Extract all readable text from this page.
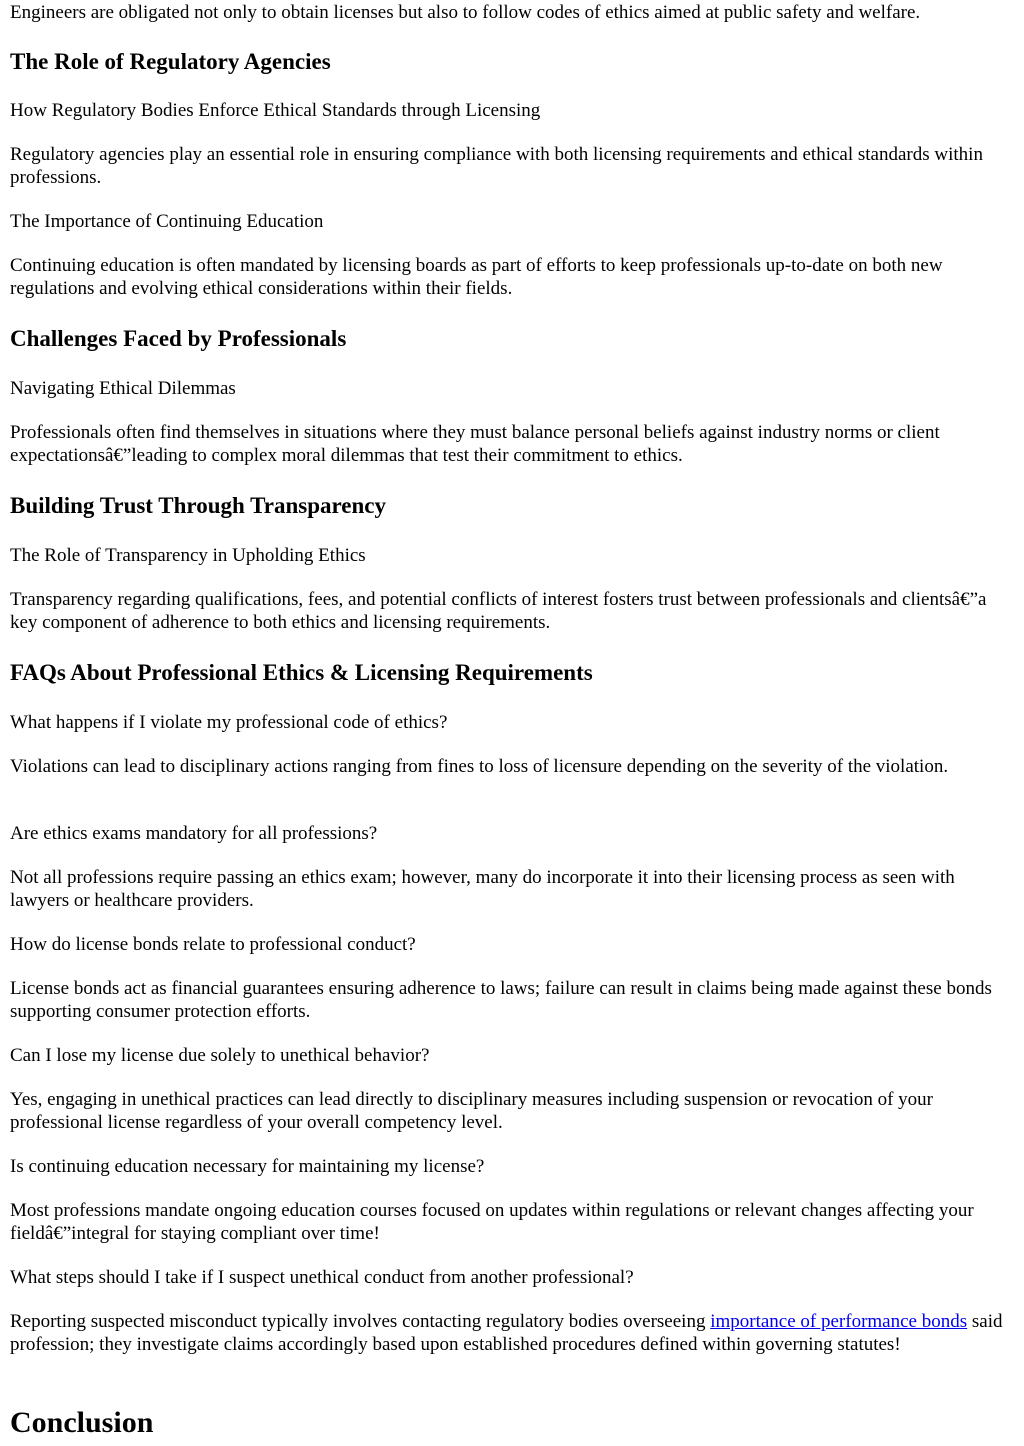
Engineers are obligated not only to obtain licenses but also to follow codes of ethics aimed at public safety and welfare.

The Role of Regulatory Agencies

How Regulatory Bodies Enforce Ethical Standards through Licensing

Regulatory agencies play an essential role in ensuring compliance with both licensing requirements and ethical standards within professions.

The Importance of Continuing Education

Continuing education is often mandated by licensing boards as part of efforts to keep professionals up-to-date on both new regulations and evolving ethical considerations within their fields.

Challenges Faced by Professionals

Navigating Ethical Dilemmas

Professionals often find themselves in situations where they must balance personal beliefs against industry norms or client expectationsâ€”leading to complex moral dilemmas that test their commitment to ethics.

Building Trust Through Transparency

The Role of Transparency in Upholding Ethics

Transparency regarding qualifications, fees, and potential conflicts of interest fosters trust between professionals and clientsâ€”a key component of adherence to both ethics and licensing requirements.

FAQs About Professional Ethics & Licensing Requirements

What happens if I violate my professional code of ethics?

Violations can lead to disciplinary actions ranging from fines to loss of licensure depending on the severity of the violation.

Are ethics exams mandatory for all professions?

Not all professions require passing an ethics exam; however, many do incorporate it into their licensing process as seen with lawyers or healthcare providers.

How do license bonds relate to professional conduct?

License bonds act as financial guarantees ensuring adherence to laws; failure can result in claims being made against these bonds supporting consumer protection efforts.

Can I lose my license due solely to unethical behavior?

Yes, engaging in unethical practices can lead directly to disciplinary measures including suspension or revocation of your professional license regardless of your overall competency level.

Is continuing education necessary for maintaining my license?

Most professions mandate ongoing education courses focused on updates within regulations or relevant changes affecting your fieldâ€”integral for staying compliant over time!

What steps should I take if I suspect unethical conduct from another professional?

Reporting suspected misconduct typically involves contacting regulatory bodies overseeing importance of performance bonds said profession; they investigate claims accordingly based upon established procedures defined within governing statutes!

Conclusion
